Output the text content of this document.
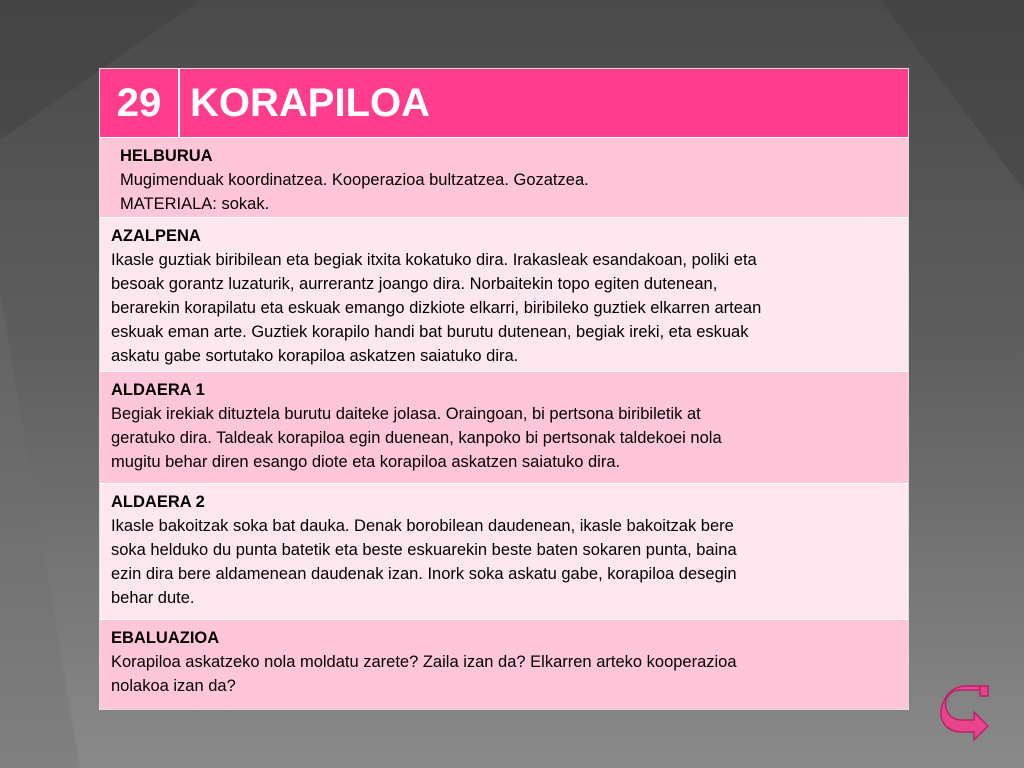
29 KORAPILOA
HELBURUA

Mugimenduak koordinatzea. Kooperazioa bultzatzea. Gozatzea.

MATERIALA: sokak.

AZALPENA

Ikasle guztiak biribilean eta begiak itxita kokatuko dira. Irakasleak esandakoan, poliki eta

besoak gorantz luzaturik, aurrerantz joango dira. Norbaitekin topo egiten dutenean,

berarekin korapilatu eta eskuak emango dizkiote elkarri, biribileko guztiek elkarren artean

eskuak eman arte. Guztiek korapilo handi bat burutu dutenean, begiak ireki, eta eskuak

askatu gabe sortutako korapiloa askatzen saiatuko dira.

ALDAERA 1

Begiak irekiak dituztela burutu daiteke jolasa. Oraingoan, bi pertsona biribiletik at

geratuko dira. Taldeak korapiloa egin duenean, kanpoko bi pertsonak taldekoei nola

mugitu behar diren esango diote eta korapiloa askatzen saiatuko dira.

ALDAERA 2

Ikasle bakoitzak soka bat dauka. Denak borobilean daudenean, ikasle bakoitzak bere

soka helduko du punta batetik eta beste eskuarekin beste baten sokaren punta, baina

ezin dira bere aldamenean daudenak izan. Inork soka askatu gabe, korapiloa desegin

behar dute.

EBALUAZIOA

Korapiloa askatzeko nola moldatu zarete? Zaila izan da? Elkarren arteko kooperazioa

nolakoa izan da?
